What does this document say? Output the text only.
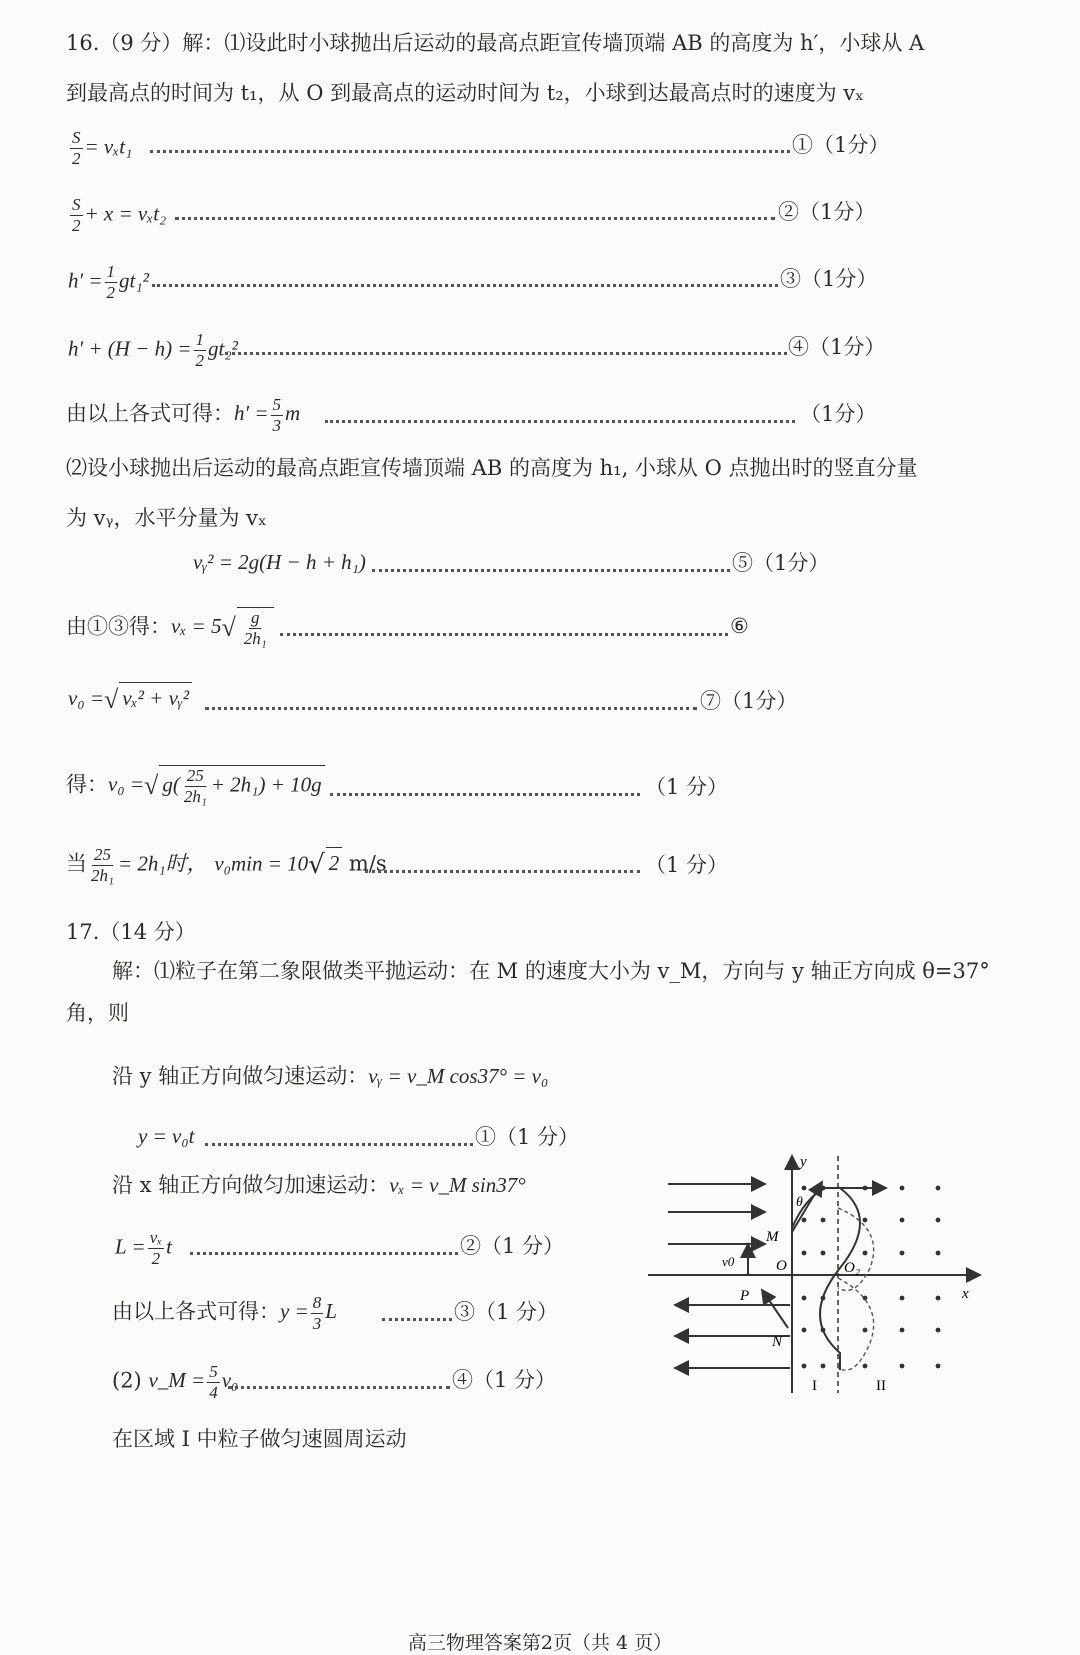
16.（9 分）解：⑴设此时小球抛出后运动的最高点距宣传墙顶端 AB 的高度为 h′，小球从 A
到最高点的时间为 t₁，从 O 到最高点的运动时间为 t₂，小球到达最高点时的速度为 vₓ
$\frac{S}{2} = v_xt_1$	①（1分）
$\frac{S}{2} + x = v_xt_2$	②（1分）
$h' = \frac{1}{2} gt_1^2$	③（1分）
$h' + (H - h) = \frac{1}{2} gt_2^2$	④（1分）
由以上各式可得：$h' = \frac{5}{3}$ m	（1分）
⑵设小球抛出后运动的最高点距宣传墙顶端 AB 的高度为 h₁, 小球从 O 点抛出时的竖直分量
为 vᵧ，水平分量为 vₓ
vᵧ² = 2g(H − h + h₁)	⑤（1分）
由①③得：$v_x = 5√ \frac{g}{\text{2h₁}}$	⑥
v₀ =√ vₓ² + vᵧ²	⑦（1分）
得：v₀ =√ $g( \frac{25}{\text{2h₁}} + 2h_1) + 10g$	（1 分）
当 $\frac{25}{\text{2h₁}} = 2h_1$时， v₀min = 10√ 2 m/s	（1 分）
17.（14 分）
解：⑴粒子在第二象限做类平抛运动：在 M 的速度大小为 v_M，方向与 y 轴正方向成 θ=37°
角，则
沿 y 轴正方向做匀速运动：vᵧ = v_M cos37° = v₀
y = v₀t	①（1 分）
沿 x 轴正方向做匀加速运动：vₓ = v_M sin37°
$L = \frac{\text{vₓ}}{2}$ t	②（1 分）
由以上各式可得：$y = \frac{8}{3}$ L	③（1 分）
(2) v_M = $\frac{5}{4} v_0$	④（1 分）
在区域 I 中粒子做匀速圆周运动
y
x
θ
M
v0	O	O₂
P
N
I	II
高三物理答案第2页（共 4 页）
